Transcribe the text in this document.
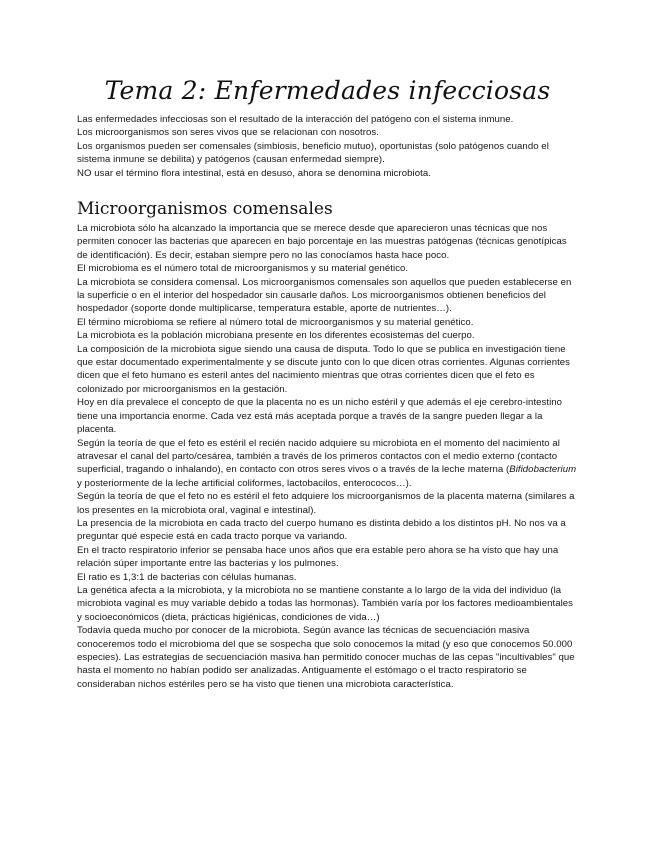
Tema 2: Enfermedades infecciosas

Las enfermedades infecciosas son el resultado de la interacción del patógeno con el sistema inmune.

Los microorganismos son seres vivos que se relacionan con nosotros.

Los organismos pueden ser comensales (simbiosis, beneficio mutuo), oportunistas (solo patógenos cuando el sistema inmune se debilita) y patógenos (causan enfermedad siempre).

NO usar el término flora intestinal, está en desuso, ahora se denomina microbiota.

Microorganismos comensales

La microbiota sólo ha alcanzado la importancia que se merece desde que aparecieron unas técnicas que nos permiten conocer las bacterias que aparecen en bajo porcentaje en las muestras patógenas (técnicas genotípicas de identificación). Es decir, estaban siempre pero no las conocíamos hasta hace poco.

El microbioma es el número total de microorganismos y su material genético.

La microbiota se considera comensal. Los microorganismos comensales son aquellos que pueden establecerse en la superficie o en el interior del hospedador sin causarle daños. Los microorganismos obtienen beneficios del hospedador (soporte donde multiplicarse, temperatura estable, aporte de nutrientes…).

El término microbioma se refiere al número total de microorganismos y su material genético.

La microbiota es la población microbiana presente en los diferentes ecosistemas del cuerpo.

La composición de la microbiota sigue siendo una causa de disputa. Todo lo que se publica en investigación tiene que estar documentado experimentalmente y se discute junto con lo que dicen otras corrientes. Algunas corrientes dicen que el feto humano es esteril antes del nacimiento mientras que otras corrientes dicen que el feto es colonizado por microorganismos en la gestación.

Hoy en día prevalece el concepto de que la placenta no es un nicho estéril y que además el eje cerebro-intestino tiene una importancia enorme. Cada vez está más aceptada porque a través de la sangre pueden llegar a la placenta.

Según la teoría de que el feto es estéril el recién nacido adquiere su microbiota en el momento del nacimiento al atravesar el canal del parto/cesárea, también a través de los primeros contactos con el medio externo (contacto superficial, tragando o inhalando), en contacto con otros seres vivos o a través de la leche materna (Bifidobacterium y posteriormente de la leche artificial coliformes, lactobacilos, enterococos…).

Según la teoría de que el feto no es estéril el feto adquiere los microorganismos de la placenta materna (similares a los presentes en la microbiota oral, vaginal e intestinal).

La presencia de la microbiota en cada tracto del cuerpo humano es distinta debido a los distintos pH. No nos va a preguntar qué especie está en cada tracto porque va variando.

En el tracto respiratorio inferior se pensaba hace unos años que era estable pero ahora se ha visto que hay una relación súper importante entre las bacterias y los pulmones.

El ratio es 1,3:1 de bacterias con células humanas.

La genética afecta a la microbiota, y la microbiota no se mantiene constante a lo largo de la vida del individuo (la microbiota vaginal es muy variable debido a todas las hormonas). También varía por los factores medioambientales y socioeconómicos (dieta, prácticas higiénicas, condiciones de vida…)

Todavía queda mucho por conocer de la microbiota. Según avance las técnicas de secuenciación masiva conoceremos todo el microbioma del que se sospecha que solo conocemos la mitad (y eso que conocemos 50.000 especies). Las estrategias de secuenciación masiva han permitido conocer muchas de las cepas "incultivables" que hasta el momento no habían podido ser analizadas. Antiguamente el estómago o el tracto respiratorio se consideraban nichos estériles pero se ha visto que tienen una microbiota característica.
